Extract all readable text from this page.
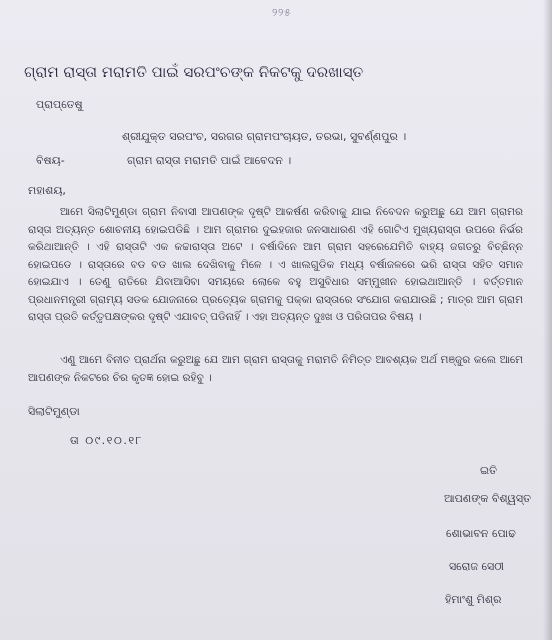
୨୨୫
ଗ୍ରାମ ରାସ୍ତା ମରାମତି ପାଇଁ ସରପଂଚଙ୍କ ନିକଟକୁ ଦରଖାସ୍ତ
ପ୍ରାପ୍ତେଷୁ
ଶ୍ରୀଯୁକ୍ତ ସରପଂଚ, ସରଗର ଗ୍ରାମପଂଚାୟତ, ତରଭା, ସୁବର୍ଣ୍ଣପୁର ।
ବିଷୟ-	ଗ୍ରାମ ରାସ୍ତା ମରାମତି ପାଇଁ ଆବେଦନ ।
ମହାଶୟ,
ଆମେ ସିଲାଟିମୁଣ୍ଡା ଗ୍ରାମ ନିବାସୀ ଆପଣଙ୍କ ଦୃଷ୍ଟି ଆକର୍ଷଣ କରିବାକୁ ଯାଇ ନିବେଦନ କରୁଅଛୁ ଯେ ଆମ ଗ୍ରାମର ରାସ୍ତା ଅତ୍ୟନ୍ତ ଶୋଚନୀୟ ହୋଇପଡିଛି । ଆମ ଗ୍ରାମର ଦୁଇହଜାର ଜନସାଧାରଣ ଏହି ଗୋଟିଏ ମୁଖ୍ୟରାସ୍ତା ଉପରେ ନିର୍ଭର କରିଥାଆନ୍ତି । ଏହି ରାସ୍ତାଟି ଏକ କଚ୍ଚାରାସ୍ତା ଅଟେ । ବର୍ଷାଦିନେ ଆମ ଗ୍ରାମ ସହରେଯେମିତି ବାହ୍ୟ ଜଗତରୁ ବିଚ୍ଛିନ୍ନ ହୋଇପଡେ । ରାସ୍ତାରେ ବଡ ବଡ ଖାଲ ଦେଖିବାକୁ ମିଳେ । ଏ ଖାଲଗୁଡିକ ମଧ୍ୟ ବର୍ଷାଜଳରେ ଭରି ରାସ୍ତା ସହିତ ସମାନ ହୋଇଯାଏ । ତେଣୁ ରାତିରେ ଯିବାଆସିବା ସମୟରେ ଲୋକେ ବହୁ ଅସୁବିଧାର ସମ୍ମୁଖୀନ ହୋଇଥାଆନ୍ତି । ବର୍ତ୍ତମାନ ପ୍ରଧାନମନ୍ତ୍ରୀ ଗ୍ରାମ୍ୟ ସଡକ ଯୋଜନାରେ ପ୍ରତ୍ୟେକ ଗ୍ରାମକୁ ପକ୍କା ରାସ୍ତାରେ ସଂଯୋଗ କରାଯାଉଛି ; ମାତ୍ର ଆମ ଗ୍ରାମ ରାସ୍ତା ପ୍ରତି କର୍ତ୍ତୃପକ୍ଷଙ୍କର ଦୃଷ୍ଟି ଏଯାବତ୍ ପଡିନାହିଁ । ଏହା ଅତ୍ୟନ୍ତ ଦୁଃଖ ଓ ପରିତାପର ବିଷୟ ।
ଏଣୁ ଆମେ ବିନୀତ ପ୍ରାର୍ଥନା କରୁଅଛୁ ଯେ ଆମ ଗ୍ରାମ ରାସ୍ତାକୁ ମରାମତି ନିମିତ୍ତ ଆବଶ୍ୟକ ଅର୍ଥ ମଞ୍ଜୁର କଲେ ଆମେ ଆପଣଙ୍କ ନିକଟରେ ଚିର କୃତଜ୍ଞ ହୋଇ ରହିବୁ ।
ସିଲାଟିମୁଣ୍ଡା
ତା ୦୯.୧୦.୧୮
ଇତି
ଆପଣଙ୍କ ବିଶ୍ୱସ୍ତ
ଶୋଭାବନ ପୋଢ
ସରୋଜ ସେଠୀ
ହିମାଂଶୁ ମିଶ୍ର
